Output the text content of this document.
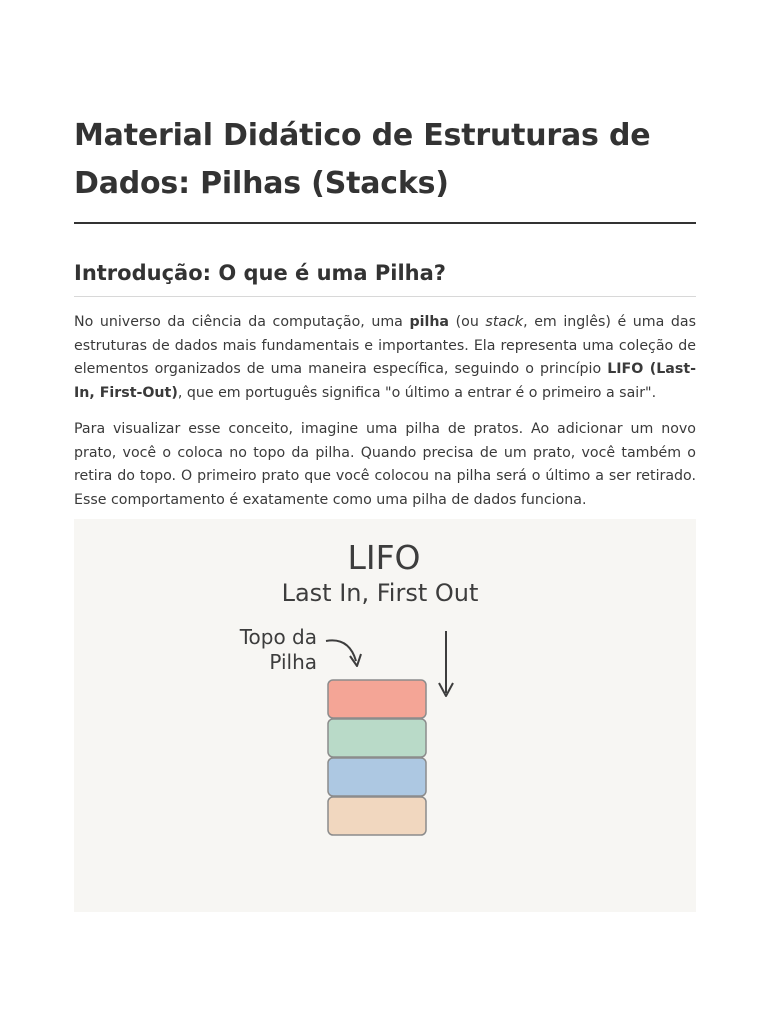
Material Didático de Estruturas de Dados: Pilhas (Stacks)
Introdução: O que é uma Pilha?

No universo da ciência da computação, uma pilha (ou stack, em inglês) é uma das estruturas de dados mais fundamentais e importantes. Ela representa uma coleção de elementos organizados de uma maneira específica, seguindo o princípio LIFO (Last-In, First-Out), que em português significa "o último a entrar é o primeiro a sair".

Para visualizar esse conceito, imagine uma pilha de pratos. Ao adicionar um novo prato, você o coloca no topo da pilha. Quando precisa de um prato, você também o retira do topo. O primeiro prato que você colocou na pilha será o último a ser retirado. Esse comportamento é exatamente como uma pilha de dados funciona.

LIFO
Last In, First Out
Topo da
Pilha
